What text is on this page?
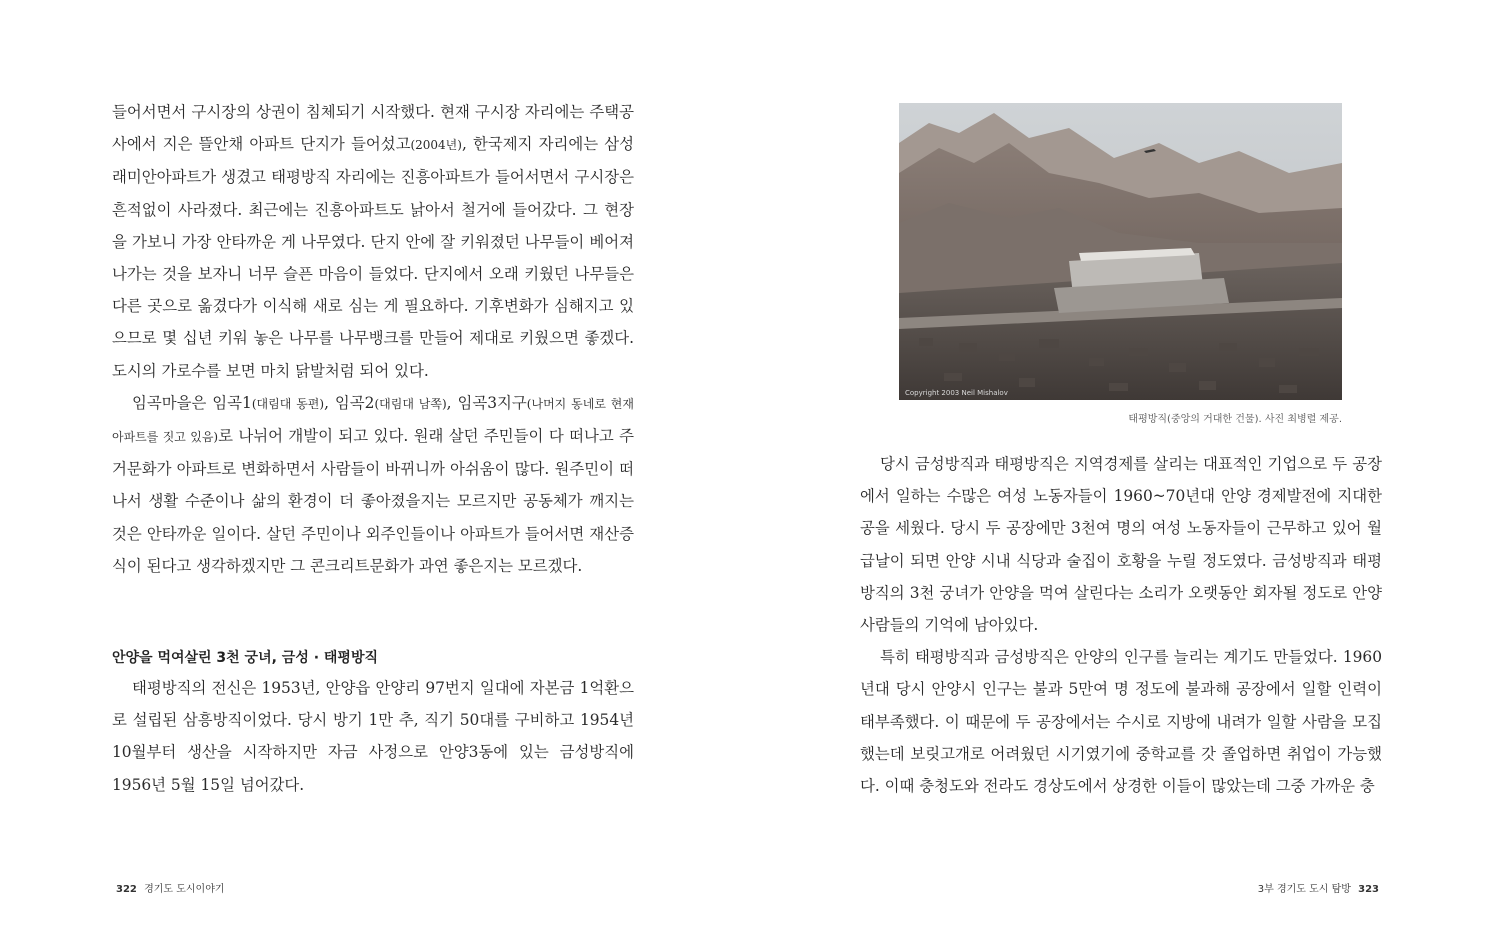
들어서면서 구시장의 상권이 침체되기 시작했다. 현재 구시장 자리에는 주택공사에서 지은 뜰안채 아파트 단지가 들어섰고(2004년), 한국제지 자리에는 삼성 래미안아파트가 생겼고 태평방직 자리에는 진흥아파트가 들어서면서 구시장은 흔적없이 사라졌다. 최근에는 진흥아파트도 낡아서 철거에 들어갔다. 그 현장을 가보니 가장 안타까운 게 나무였다. 단지 안에 잘 키워졌던 나무들이 베어져나가는 것을 보자니 너무 슬픈 마음이 들었다. 단지에서 오래 키웠던 나무들은 다른 곳으로 옮겼다가 이식해 새로 심는 게 필요하다. 기후변화가 심해지고 있으므로 몇 십년 키워 놓은 나무를 나무뱅크를 만들어 제대로 키웠으면 좋겠다. 도시의 가로수를 보면 마치 닭발처럼 되어 있다.

임곡마을은 임곡1(대림대 동편), 임곡2(대림대 남쪽), 임곡3지구(나머지 동네로 현재 아파트를 짓고 있음)로 나뉘어 개발이 되고 있다. 원래 살던 주민들이 다 떠나고 주거문화가 아파트로 변화하면서 사람들이 바뀌니까 아쉬움이 많다. 원주민이 떠나서 생활 수준이나 삶의 환경이 더 좋아졌을지는 모르지만 공동체가 깨지는 것은 안타까운 일이다. 살던 주민이나 외주인들이나 아파트가 들어서면 재산증식이 된다고 생각하겠지만 그 콘크리트문화가 과연 좋은지는 모르겠다.

안양을 먹여살린 3천 궁녀, 금성 · 태평방직

태평방직의 전신은 1953년, 안양읍 안양리 97번지 일대에 자본금 1억환으로 설립된 삼흥방직이었다. 당시 방기 1만 추, 직기 50대를 구비하고 1954년 10월부터 생산을 시작하지만 자금 사정으로 안양3동에 있는 금성방직에 1956년 5월 15일 넘어갔다.

322 경기도 도시이야기
Copyright 2003 Neil Mishalov
태평방직(중앙의 거대한 건물). 사진 최병렬 제공.

당시 금성방직과 태평방직은 지역경제를 살리는 대표적인 기업으로 두 공장에서 일하는 수많은 여성 노동자들이 1960~70년대 안양 경제발전에 지대한 공을 세웠다. 당시 두 공장에만 3천여 명의 여성 노동자들이 근무하고 있어 월급날이 되면 안양 시내 식당과 술집이 호황을 누릴 정도였다. 금성방직과 태평방직의 3천 궁녀가 안양을 먹여 살린다는 소리가 오랫동안 회자될 정도로 안양 사람들의 기억에 남아있다.

특히 태평방직과 금성방직은 안양의 인구를 늘리는 계기도 만들었다. 1960년대 당시 안양시 인구는 불과 5만여 명 정도에 불과해 공장에서 일할 인력이 태부족했다. 이 때문에 두 공장에서는 수시로 지방에 내려가 일할 사람을 모집했는데 보릿고개로 어려웠던 시기였기에 중학교를 갓 졸업하면 취업이 가능했다. 이때 충청도와 전라도 경상도에서 상경한 이들이 많았는데 그중 가까운 충

3부 경기도 도시 탐방 323
